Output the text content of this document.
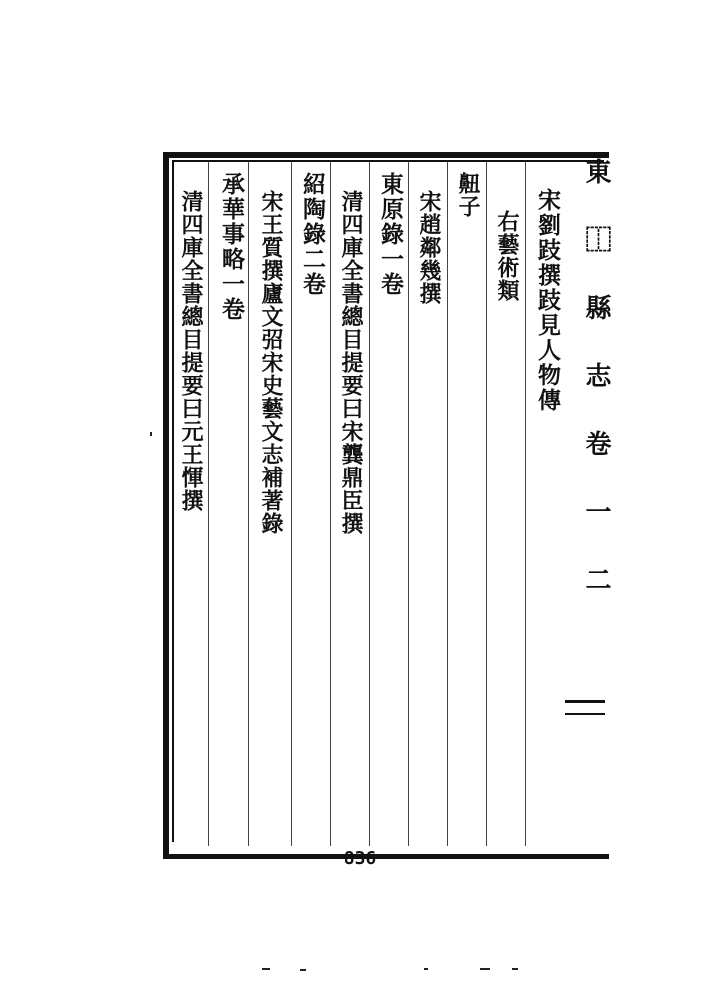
東 ⿰ 縣 志 卷 一 二
宋劉跂撰跂見人物傳
右藝術類
䶊子
宋趙鄰幾撰
東原錄一卷
清四庫全書總目提要曰宋龔鼎臣撰
紹陶錄二卷
宋王質撰廬文弨宋史藝文志補著錄
承華事略一卷
清四庫全書總目提要曰元王惲撰
836
